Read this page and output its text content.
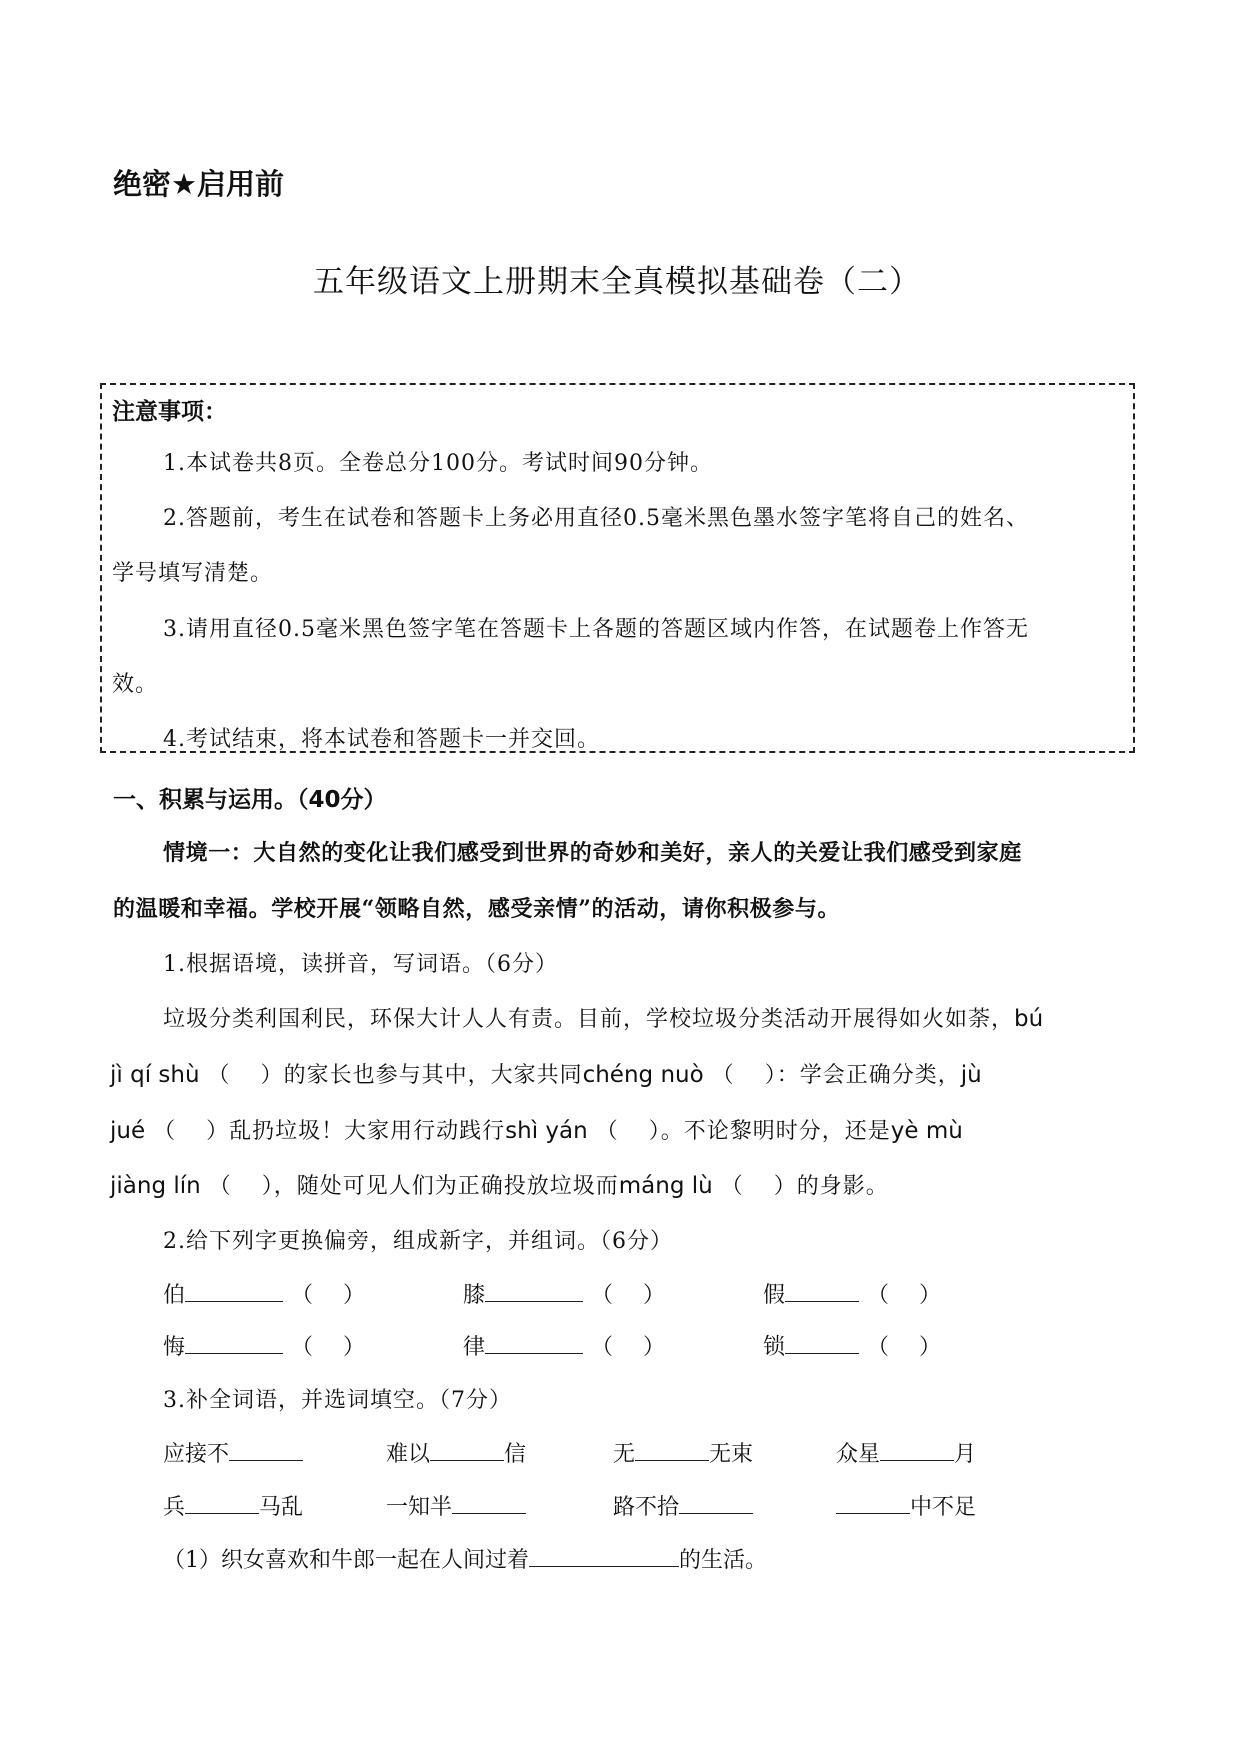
绝密★启用前
五年级语文上册期末全真模拟基础卷（二）
注意事项：
1.本试卷共8页。全卷总分100分。考试时间90分钟。
2.答题前，考生在试卷和答题卡上务必用直径0.5毫米黑色墨水签字笔将自己的姓名、
学号填写清楚。
3.请用直径0.5毫米黑色签字笔在答题卡上各题的答题区域内作答，在试题卷上作答无
效。
4.考试结束，将本试卷和答题卡一并交回。
一、积累与运用。（40分）
情境一：大自然的变化让我们感受到世界的奇妙和美好，亲人的关爱让我们感受到家庭
的温暖和幸福。学校开展“领略自然，感受亲情”的活动，请你积极参与。
1.根据语境，读拼音，写词语。（6分）
垃圾分类利国利民，环保大计人人有责。目前，学校垃圾分类活动开展得如火如荼，bú
jì qí shù （ ）的家长也参与其中，大家共同chéng nuò （ ）：学会正确分类，jù
jué （ ）乱扔垃圾！大家用行动践行shì yán （ ）。不论黎明时分，还是yè mù
jiàng lín （ ），随处可见人们为正确投放垃圾而máng lù （ ）的身影。
2.给下列字更换偏旁，组成新字，并组词。（6分）
伯	（ ）	膝	（ ）	假	（ ）
悔	（ ）	律	（ ）	锁	（ ）
3.补全词语，并选词填空。（7分）
应接不	难以	信	无	无束	众星	月
兵	马乱	一知半	路不拾	中不足
（1）织女喜欢和牛郎一起在人间过着	的生活。
